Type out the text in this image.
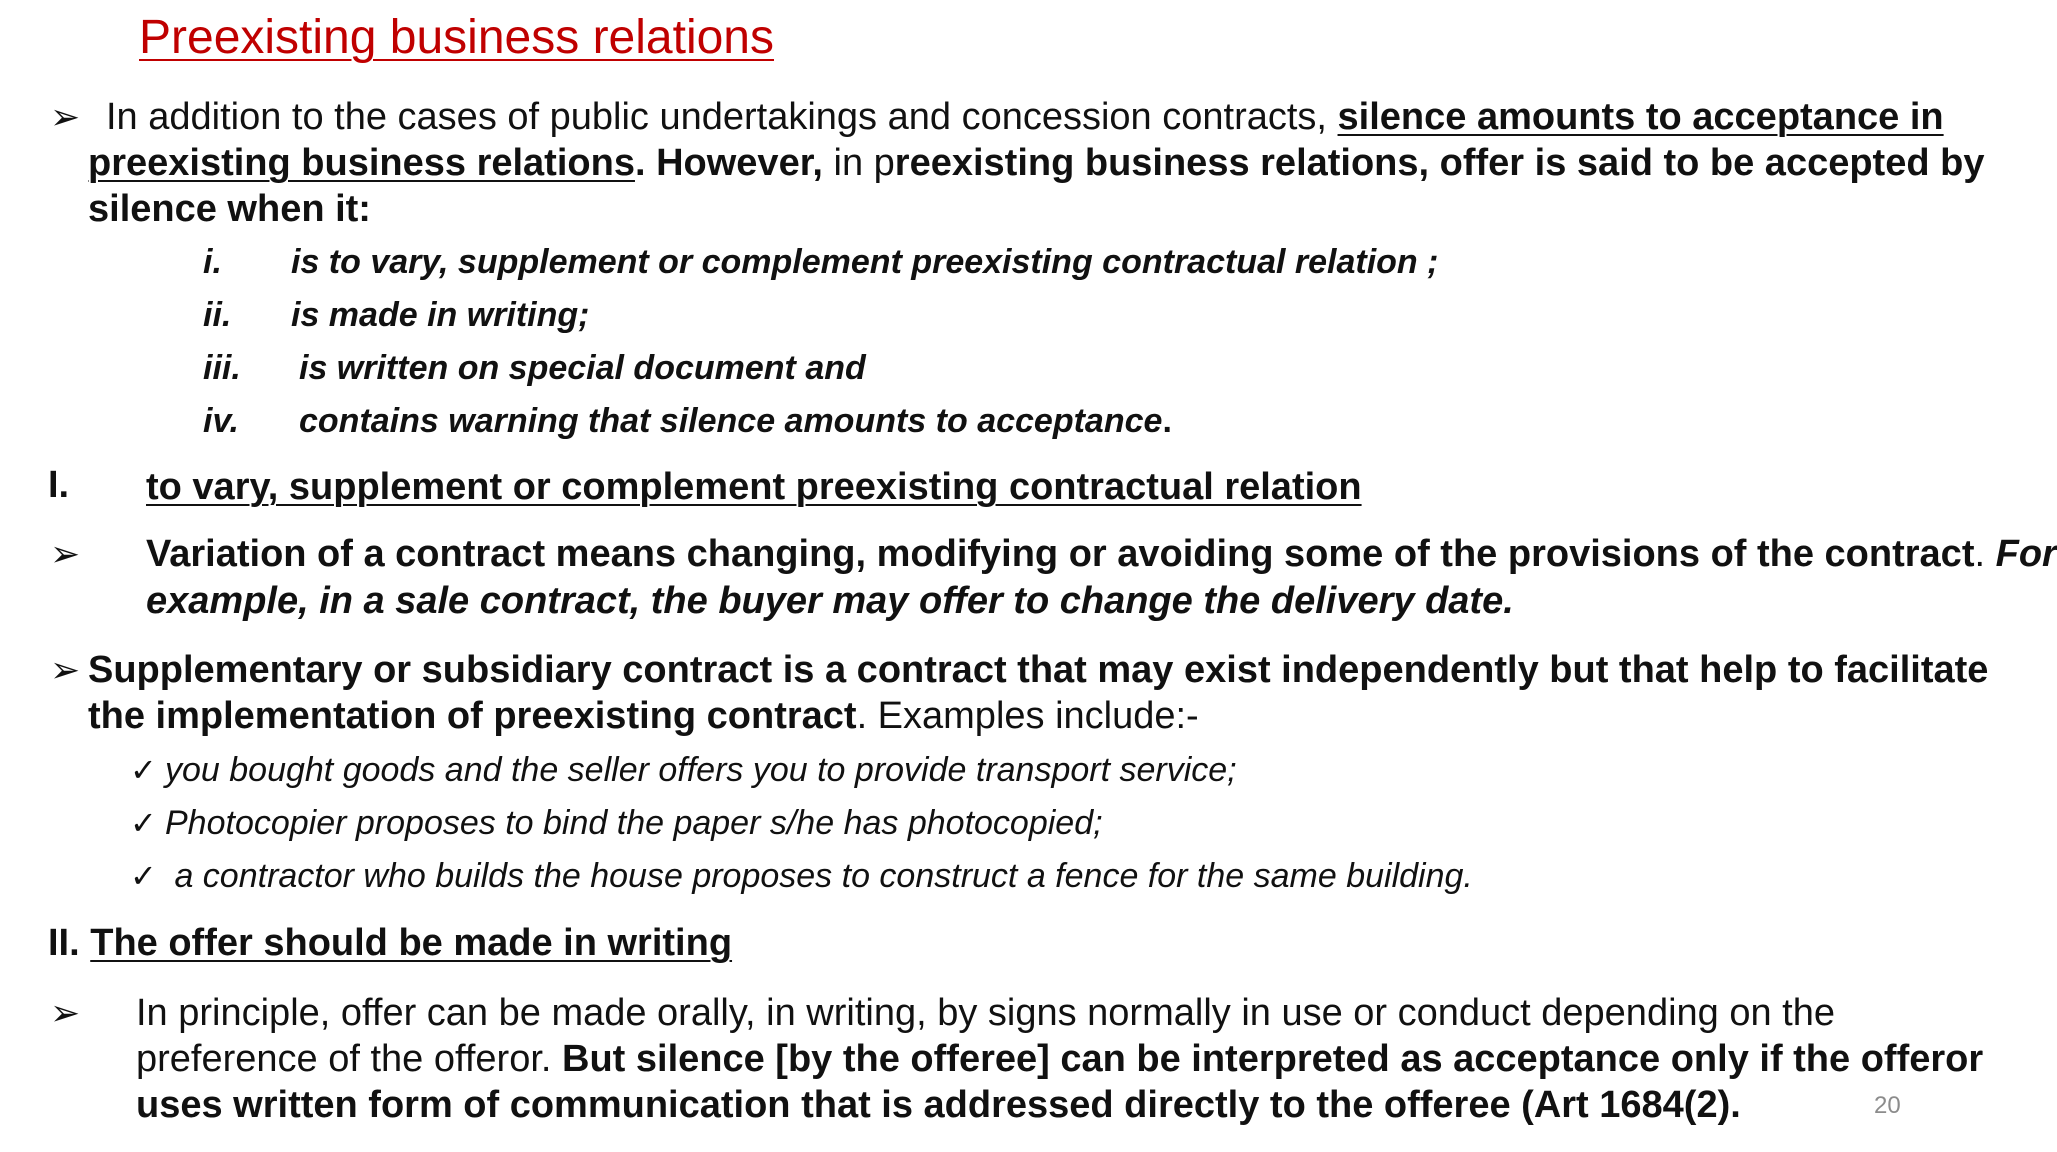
Preexisting business relations
➢ In addition to the cases of public undertakings and concession contracts, silence amounts to acceptance in
preexisting business relations. However, in preexisting business relations, offer is said to be accepted by
silence when it:
i. is to vary, supplement or complement preexisting contractual relation ;
ii. is made in writing;
iii. is written on special document and
iv. contains warning that silence amounts to acceptance.
I. to vary, supplement or complement preexisting contractual relation
➢ Variation of a contract means changing, modifying or avoiding some of the provisions of the contract. For
example, in a sale contract, the buyer may offer to change the delivery date.
➢ Supplementary or subsidiary contract is a contract that may exist independently but that help to facilitate
the implementation of preexisting contract. Examples include:-
✓ you bought goods and the seller offers you to provide transport service;
✓ Photocopier proposes to bind the paper s/he has photocopied;
✓ a contractor who builds the house proposes to construct a fence for the same building.
II. The offer should be made in writing
➢ In principle, offer can be made orally, in writing, by signs normally in use or conduct depending on the
preference of the offeror. But silence [by the offeree] can be interpreted as acceptance only if the offeror
uses written form of communication that is addressed directly to the offeree (Art 1684(2).	20
